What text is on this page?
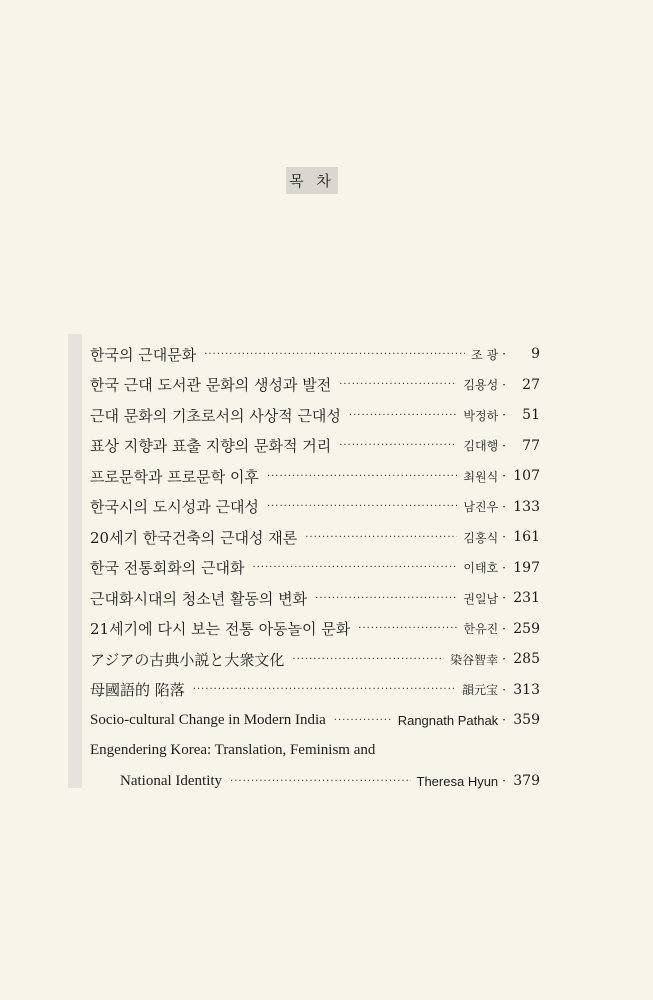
목 차
한국의 근대문화 ·····	조 광 ·	9
한국 근대 도서관 문화의 생성과 발전 ·····	김용성 ·	27
근대 문화의 기초로서의 사상적 근대성 ·····	박정하 ·	51
표상 지향과 표출 지향의 문화적 거리 ·····	김대행 ·	77
프로문학과 프로문학 이후 ·····	최원식 · 107
한국시의 도시성과 근대성 ·····	남진우 · 133
20세기 한국건축의 근대성 재론 ·····	김홍식 · 161
한국 전통회화의 근대화 ·····	이태호 · 197
근대화시대의 청소년 활동의 변화 ·····	권일남 · 231
21세기에 다시 보는 전통 아동놀이 문화 ·····	한유진 · 259
アジアの古典小説と大衆文化 ·····	染谷智幸 · 285
母國語的 陷落 ·····	韻元宝 · 313
Socio-cultural Change in Modern India ·····	Rangnath Pathak · 359
Engendering Korea: Translation, Feminism and
National Identity ·····	Theresa Hyun · 379
